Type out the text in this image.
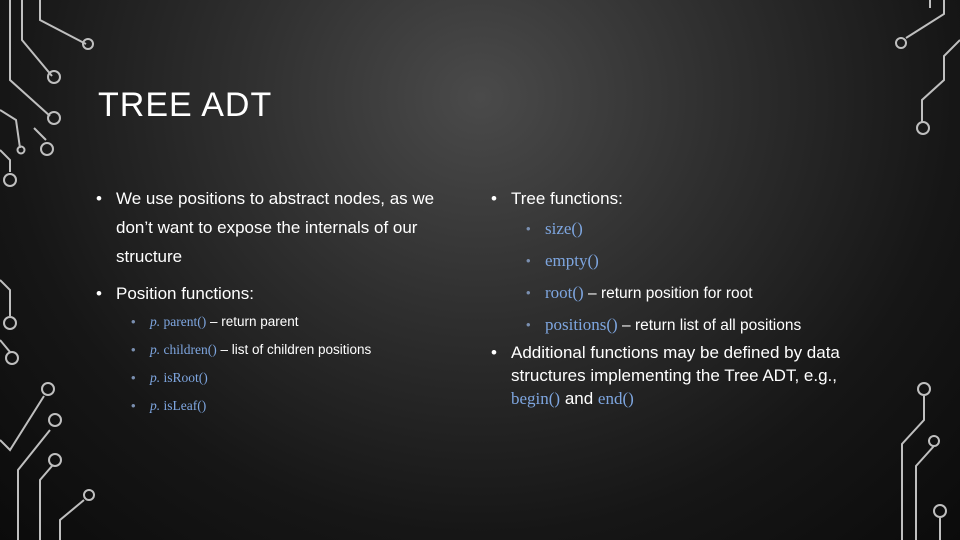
TREE ADT
• We use positions to abstract nodes, as we don’t want to expose the internals of our structure
• Position functions:
• p. parent() – return parent
• p. children() – list of children positions
• p. isRoot()
• p. isLeaf()
• Tree functions:
• size()
• empty()
• root() – return position for root
• positions() – return list of all positions
• Additional functions may be defined by data structures implementing the Tree ADT, e.g., begin() and end()
